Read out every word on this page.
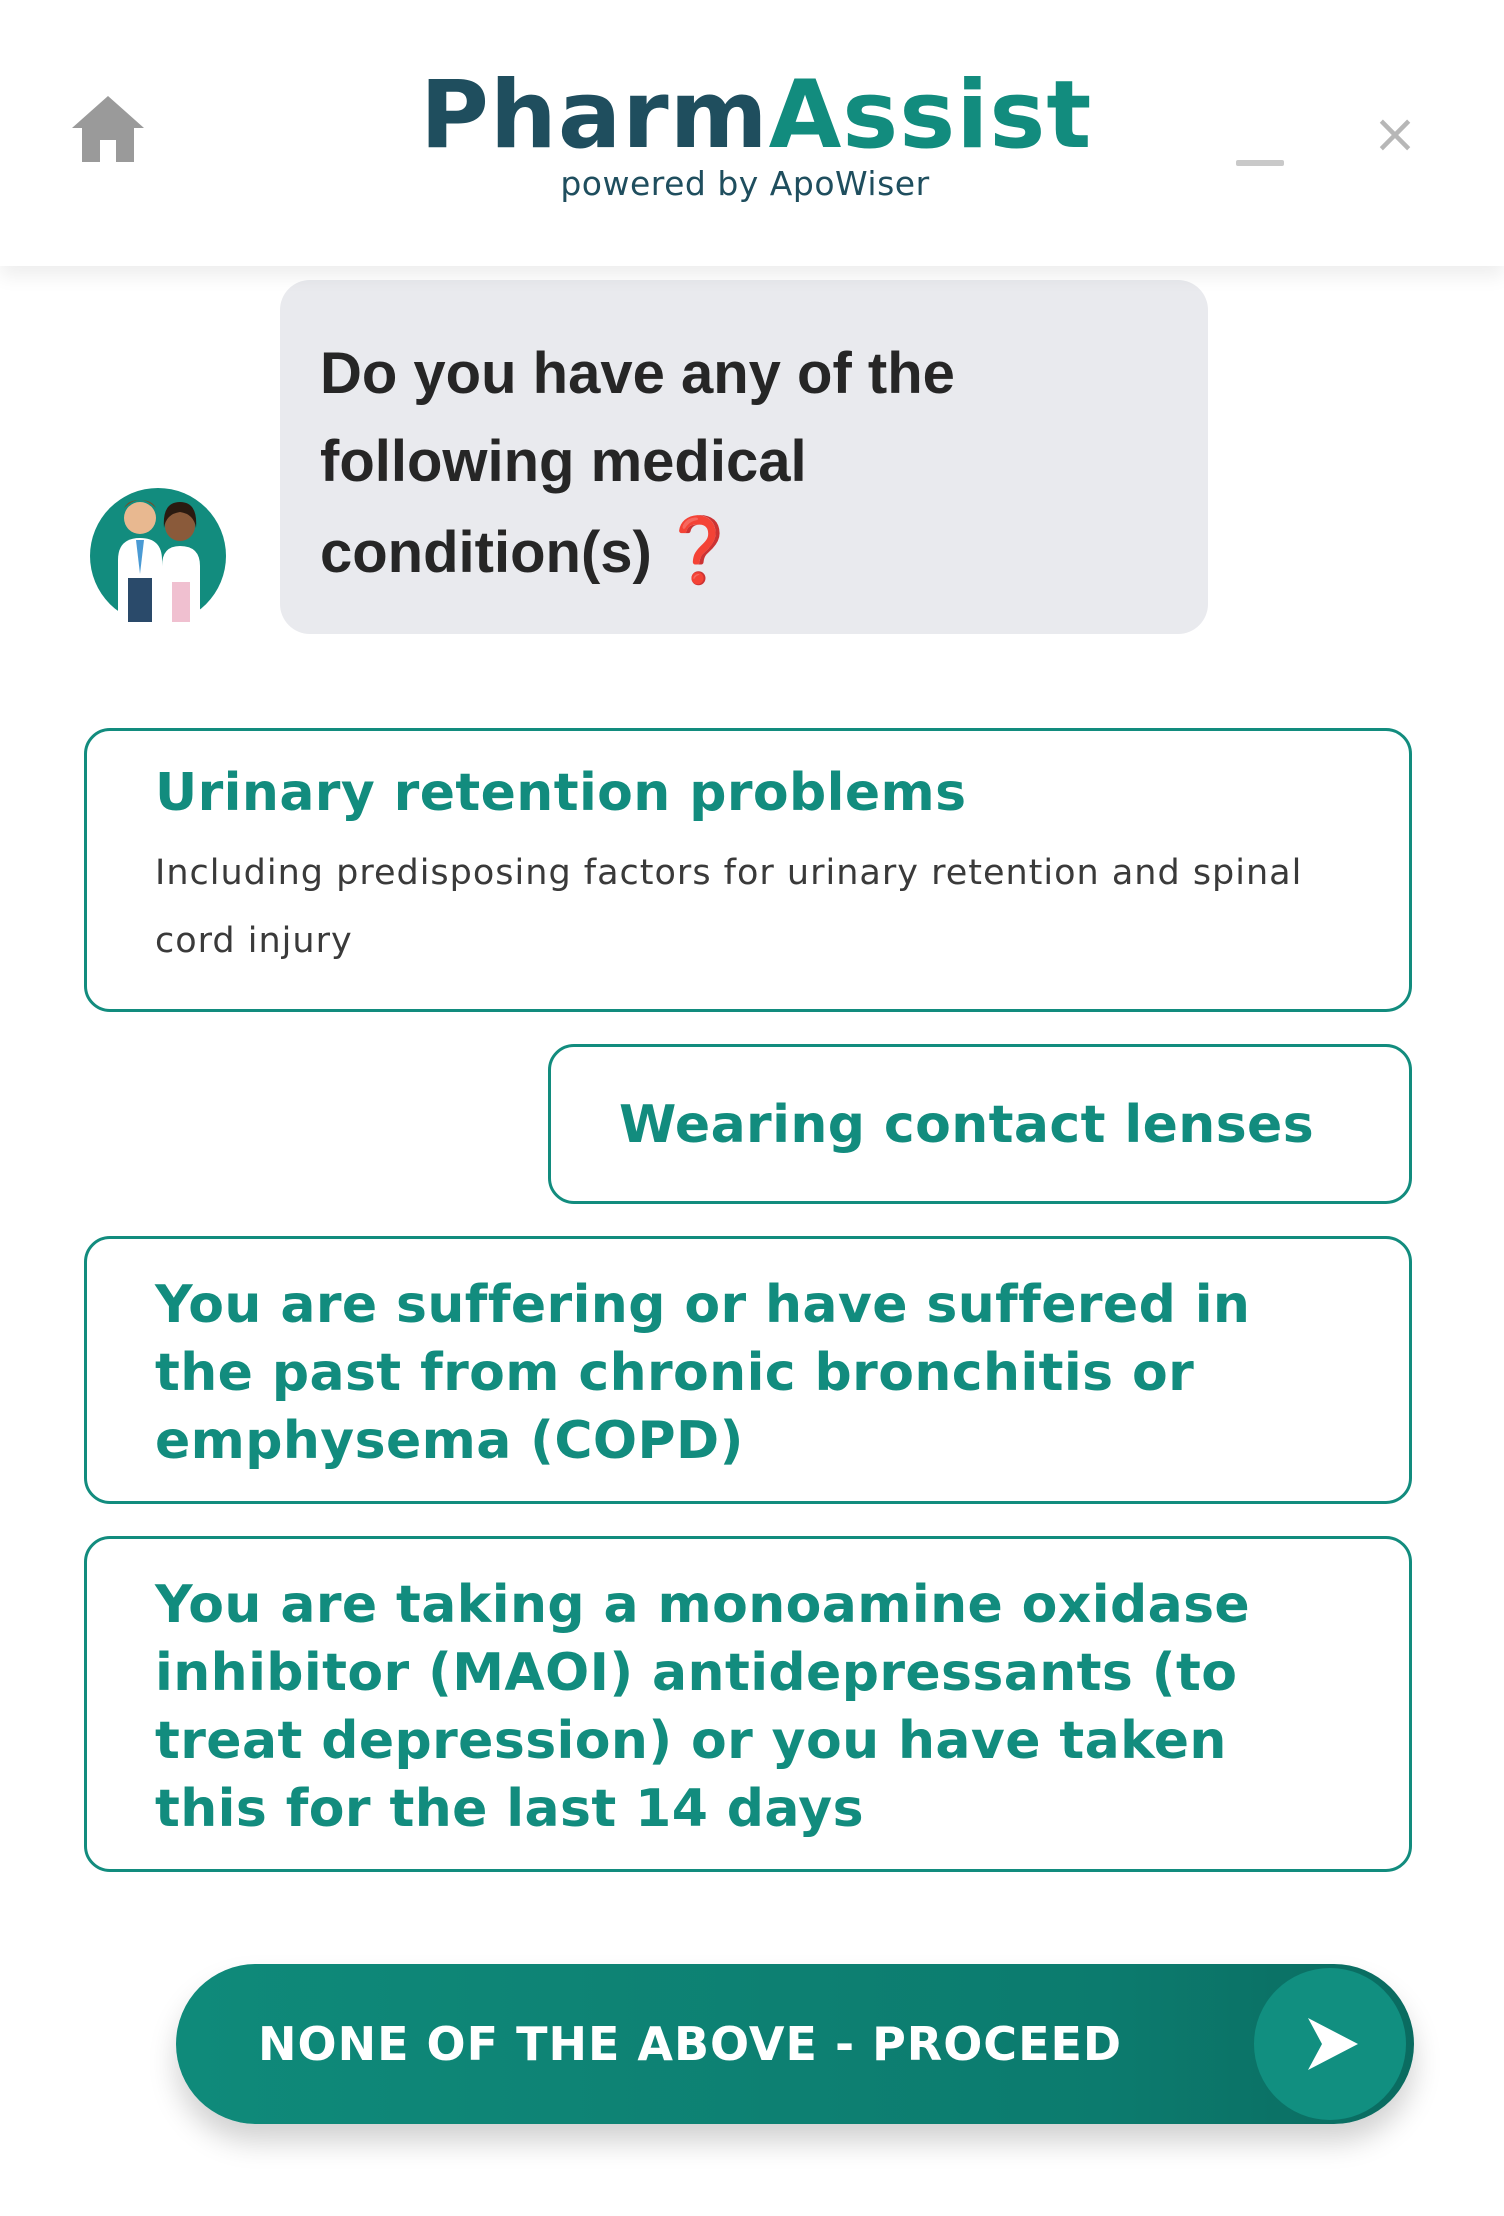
PharmAssist
powered by ApoWiser
×
Do you have any of the following medical condition(s) ❓
Urinary retention problems
Including predisposing factors for urinary retention and spinal cord injury
Wearing contact lenses
You are suffering or have suffered in the past from chronic bronchitis or emphysema (COPD)
You are taking a monoamine oxidase inhibitor (MAOI) antidepressants (to treat depression) or you have taken this for the last 14 days
NONE OF THE ABOVE - PROCEED
